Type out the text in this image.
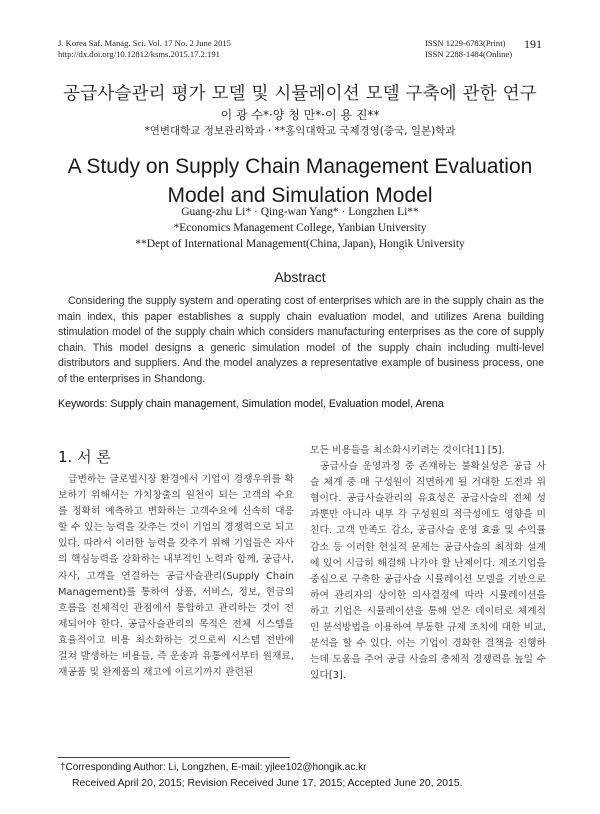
J. Korea Saf. Manag. Sci. Vol. 17 No. 2 June 2015
http://dx.doi.org/10.12812/ksms.2015.17.2.191
ISSN 1229-6783(Print)
ISSN 2288-1484(Online)
191
공급사슬관리 평가 모델 및 시뮬레이션 모델 구축에 관한 연구
이 광 수*·양 청 만*·이 용 진**
*연변대학교 정보관리학과 · **홍익대학교 국제경영(중국, 일본)학과
A Study on Supply Chain Management Evaluation Model and Simulation Model
Guang-zhu Li* · Qing-wan Yang* · Longzhen Li**
*Economics Management College, Yanbian University
**Dept of International Management(China, Japan), Hongik University
Abstract
Considering the supply system and operating cost of enterprises which are in the supply chain as the main index, this paper establishes a supply chain evaluation model, and utilizes Arena building stimulation model of the supply chain which considers manufacturing enterprises as the core of supply chain. This model designs a generic simulation model of the supply chain including multi-level distributors and suppliers. And the model analyzes a representative example of business process, one of the enterprises in Shandong.
Keywords: Supply chain management, Simulation model, Evaluation model, Arena
1. 서 론

급변하는 글로벌시장 환경에서 기업이 경쟁우위를 확보하기 위해서는 가치창출의 원천이 되는 고객의 수요를 정확히 예측하고 변화하는 고객수요에 신속히 대응할 수 있는 능력을 갖추는 것이 기업의 경쟁력으로 되고 있다. 따라서 이러한 능력을 갖추기 위해 기업들은 자사의 핵심능력을 강화하는 내부적인 노력과 함께, 공급사, 자사, 고객을 연결하는 공급사슬관리(Supply Chain Management)를 통하여 상품, 서비스, 정보, 현금의 흐름을 전체적인 관점에서 통합하고 관리하는 것이 전제되어야 한다. 공급사슬관리의 목적은 전체 시스템을 효율적이고 비용 최소화하는 것으로써 시스템 전반에 걸쳐 발생하는 비용들, 즉 운송과 유통에서부터 원재료, 재공품 및 완제품의 재고에 이르기까지 관련된

모든 비용들을 최소화시키려는 것이다[1] [5].

공급사슬 운영과정 중 존재하는 불확실성은 공급 사슬 체계 중 매 구성원이 직면하게 될 거대한 도전과 위협이다. 공급사슬관리의 유효성은 공급사슬의 전체 성과뿐만 아니라 내부 각 구성원의 적극성에도 영향을 미친다. 고객 만족도 감소, 공급사슬 운영 효율 및 수익률 감소 등 이러한 현실적 문제는 공급사슬의 최적화 설계에 있어 시급히 해결해 나가야 할 난제이다. 제조기업을 중심으로 구축한 공급사슬 시뮬레이션 모델을 기반으로 하여 관리자의 상이한 의사결정에 따라 시뮬레이션을 하고 기업은 시뮬레이션을 통해 얻은 데이터로 체계적인 분석방법을 이용하여 부동한 규제 조치에 대한 비교, 분석을 할 수 있다. 이는 기업이 경화한 결책을 진행하는데 도움을 주어 공급 사슬의 총체적 경쟁력을 높일 수 있다[3].

†Corresponding Author: Li, Longzhen, E-mail: yjlee102@hongik.ac.kr
Received April 20, 2015; Revision Received June 17, 2015; Accepted June 20, 2015.
